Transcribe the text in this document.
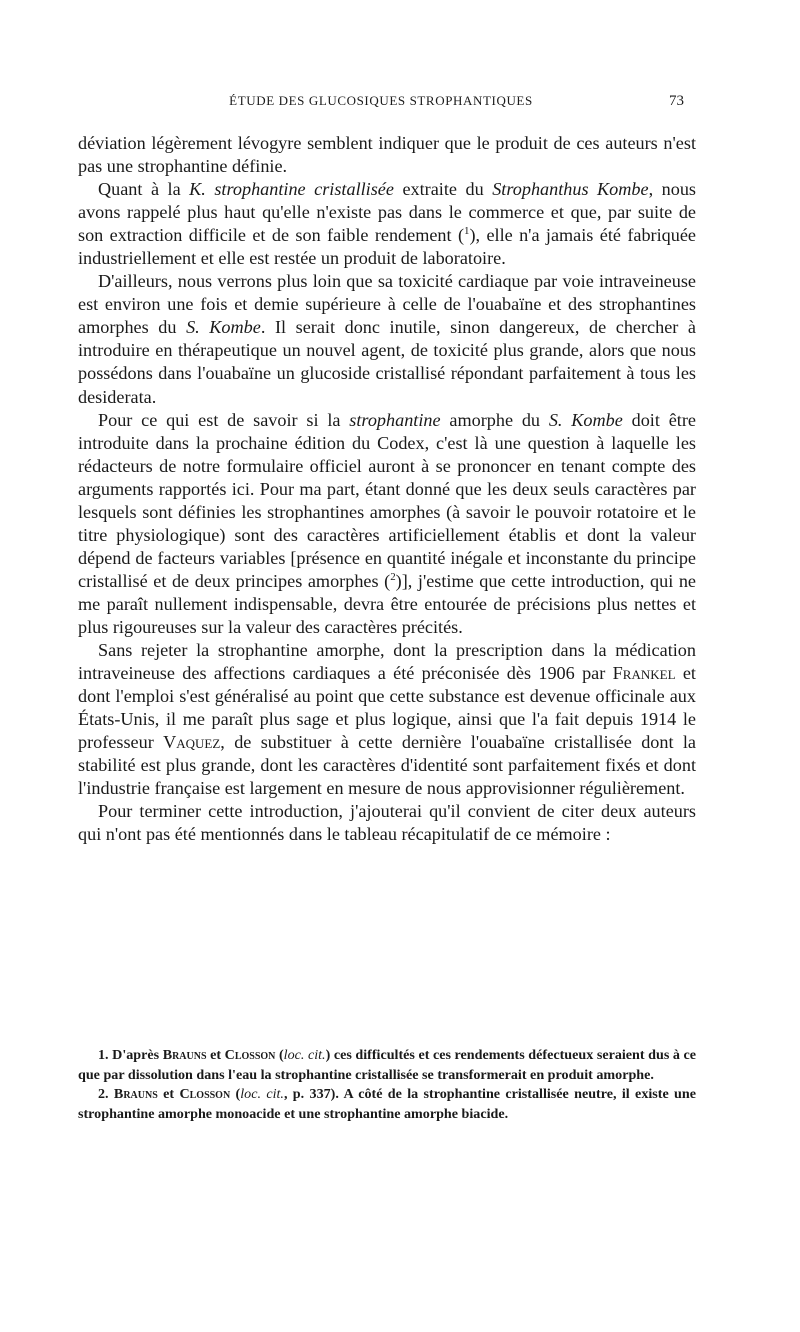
ÉTUDE DES GLUCOSIQUES STROPHANTIQUES	73

déviation légèrement lévogyre semblent indiquer que le produit de ces auteurs n'est pas une strophantine définie.

Quant à la K. strophantine cristallisée extraite du Strophanthus Kombe, nous avons rappelé plus haut qu'elle n'existe pas dans le commerce et que, par suite de son extraction difficile et de son faible rendement ($^1$), elle n'a jamais été fabriquée industriellement et elle est restée un produit de laboratoire.

D'ailleurs, nous verrons plus loin que sa toxicité cardiaque par voie intraveineuse est environ une fois et demie supérieure à celle de l'ouabaïne et des strophantines amorphes du S. Kombe. Il serait donc inutile, sinon dangereux, de chercher à introduire en thérapeutique un nouvel agent, de toxicité plus grande, alors que nous possédons dans l'ouabaïne un glucoside cristallisé répondant parfaitement à tous les desiderata.

Pour ce qui est de savoir si la strophantine amorphe du S. Kombe doit être introduite dans la prochaine édition du Codex, c'est là une question à laquelle les rédacteurs de notre formulaire officiel auront à se prononcer en tenant compte des arguments rapportés ici. Pour ma part, étant donné que les deux seuls caractères par lesquels sont définies les strophantines amorphes (à savoir le pouvoir rotatoire et le titre physiologique) sont des caractères artificiellement établis et dont la valeur dépend de facteurs variables [présence en quantité inégale et inconstante du principe cristallisé et de deux principes amorphes ($^2$)], j'estime que cette introduction, qui ne me paraît nullement indispensable, devra être entourée de précisions plus nettes et plus rigoureuses sur la valeur des caractères précités.

Sans rejeter la strophantine amorphe, dont la prescription dans la médication intraveineuse des affections cardiaques a été préconisée dès 1906 par Frankel et dont l'emploi s'est généralisé au point que cette substance est devenue officinale aux États-Unis, il me paraît plus sage et plus logique, ainsi que l'a fait depuis 1914 le professeur Vaquez, de substituer à cette dernière l'ouabaïne cristallisée dont la stabilité est plus grande, dont les caractères d'identité sont parfaitement fixés et dont l'industrie française est largement en mesure de nous approvisionner régulièrement.

Pour terminer cette introduction, j'ajouterai qu'il convient de citer deux auteurs qui n'ont pas été mentionnés dans le tableau récapitulatif de ce mémoire :

1. D'après Brauns et Closson (loc. cit.) ces difficultés et ces rendements défectueux seraient dus à ce que par dissolution dans l'eau la strophantine cristallisée se transformerait en produit amorphe.

2. Brauns et Closson (loc. cit., p. 337). A côté de la strophantine cristallisée neutre, il existe une strophantine amorphe monoacide et une strophantine amorphe biacide.
